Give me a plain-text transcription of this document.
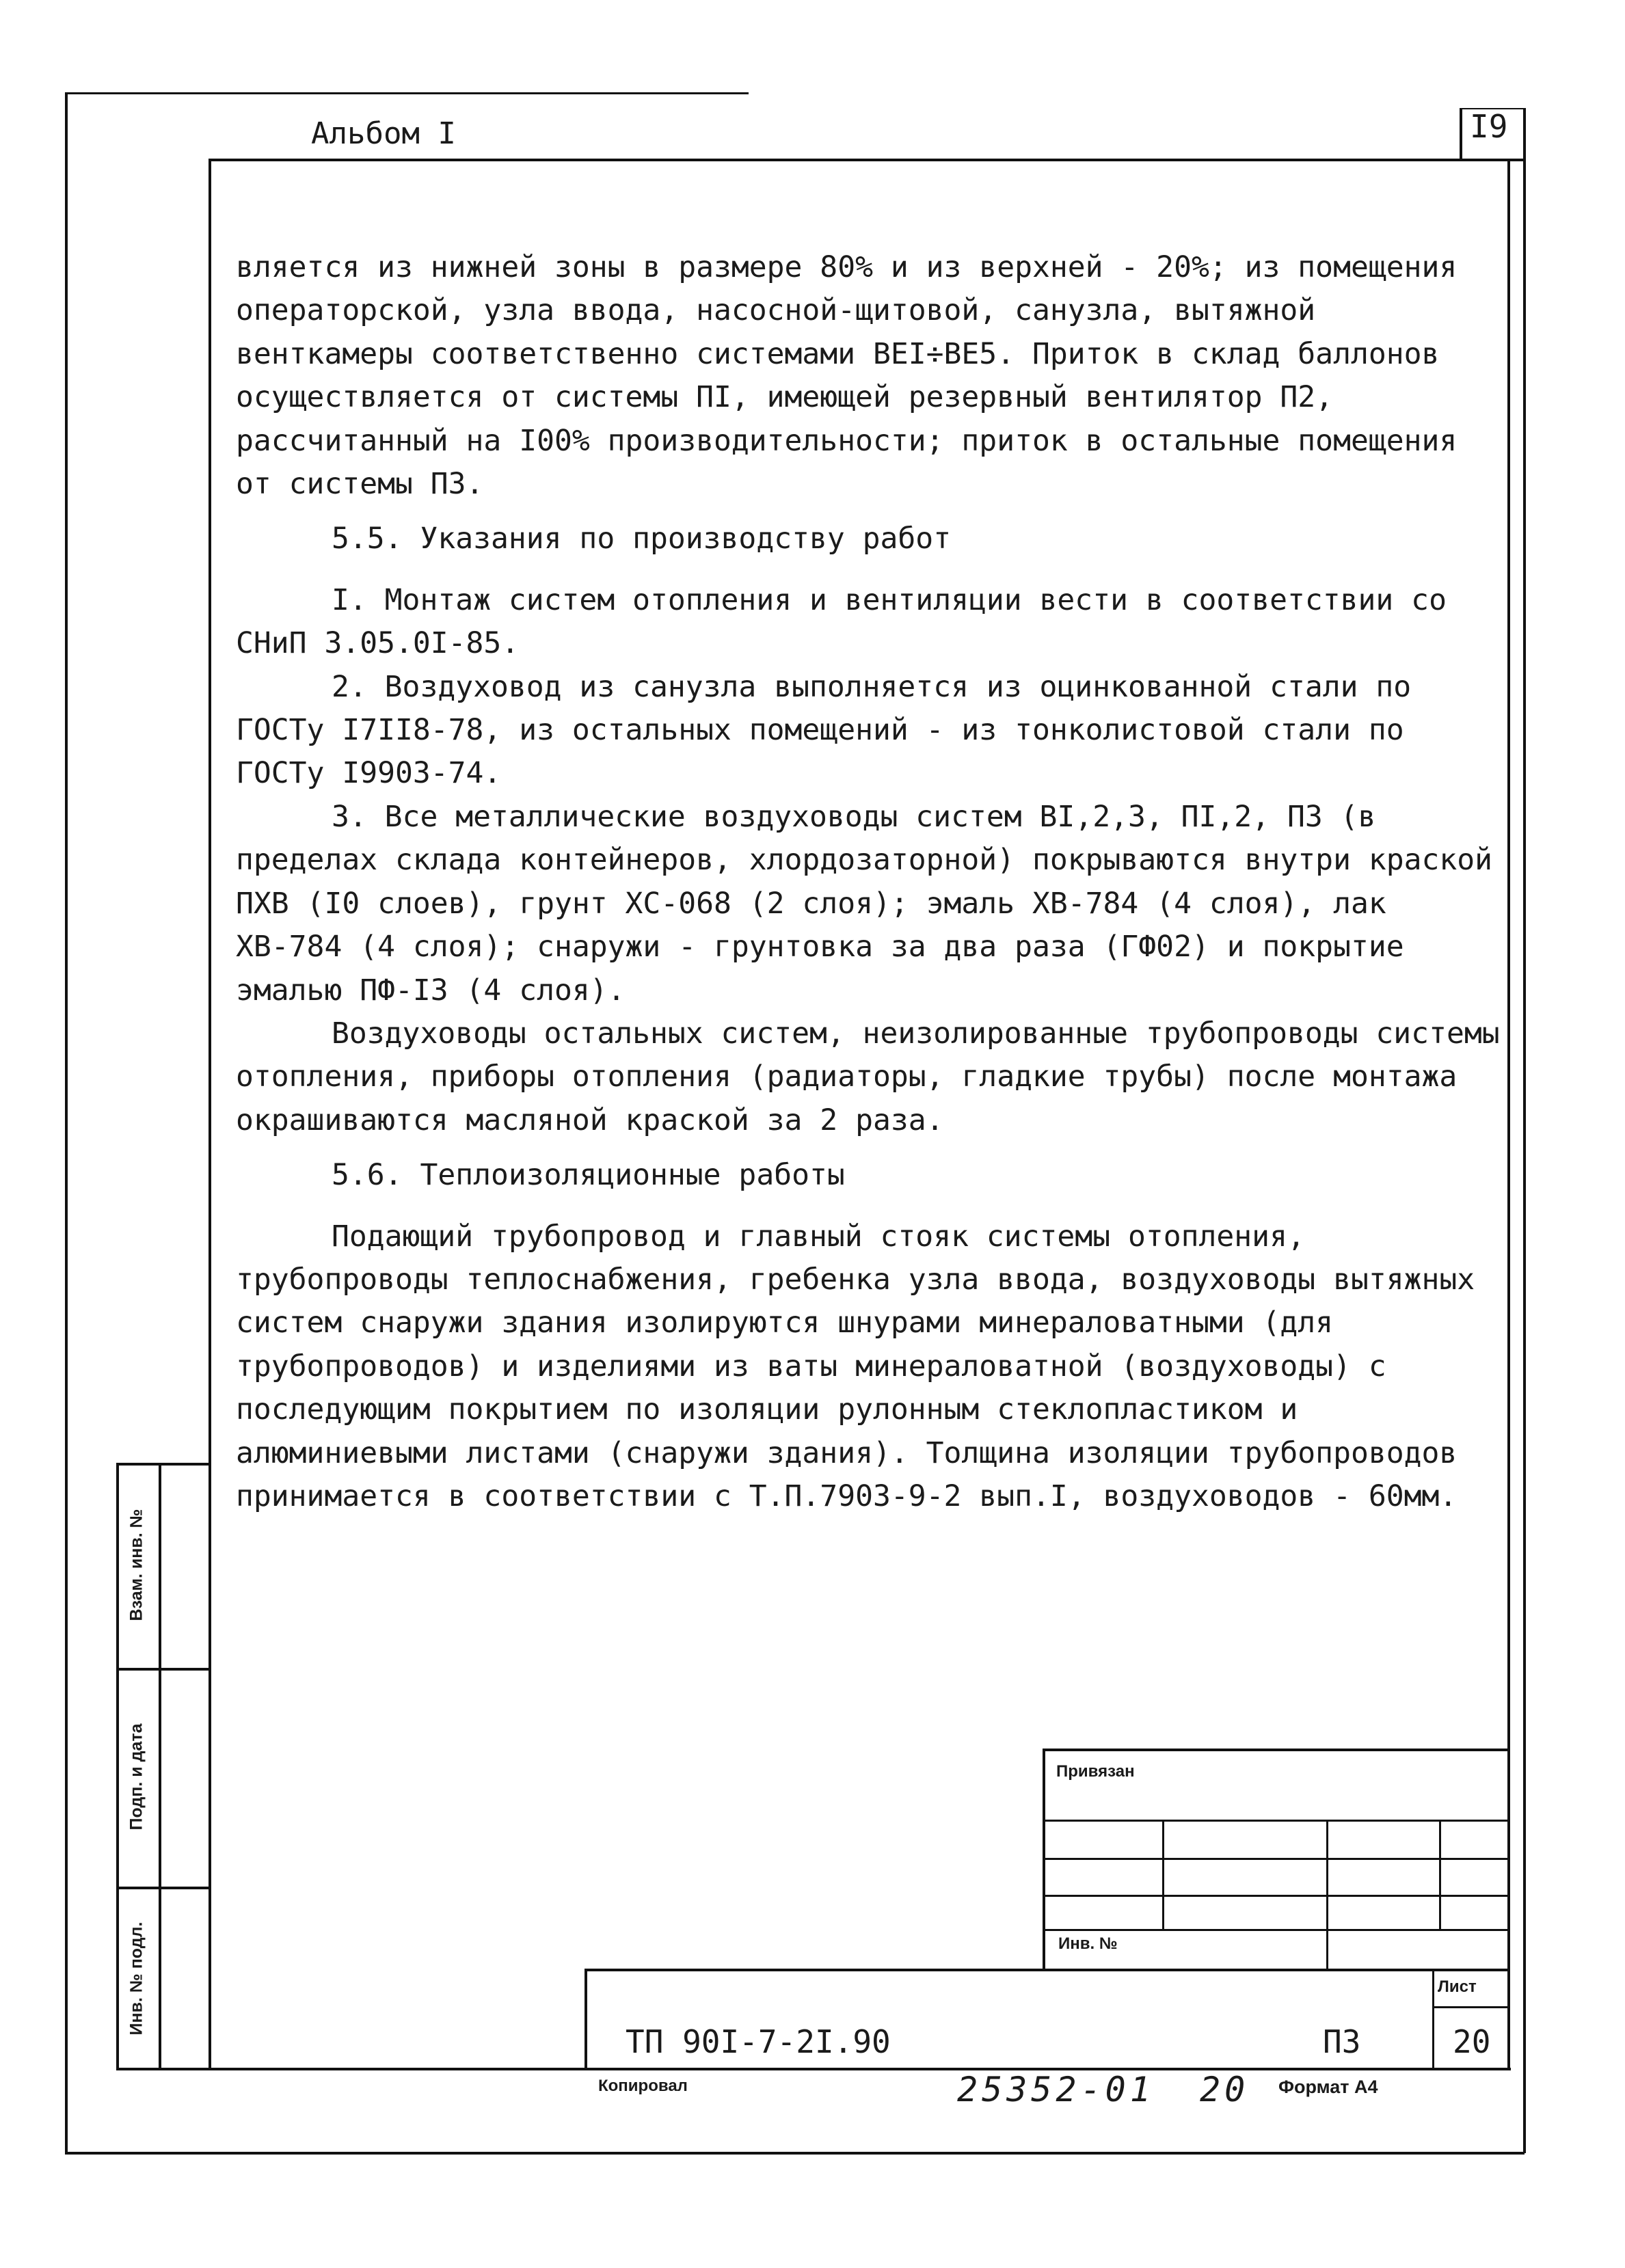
Альбом I	I9

вляется из нижней зоны в размере 80% и из верхней - 20%; из помещения операторской, узла ввода, насосной-щитовой, санузла, вытяжной венткамеры соответственно системами BEI÷BE5. Приток в склад баллонов осуществляется от системы ПI, имеющей резервный вентилятор П2, рассчитанный на I00% производительности; приток в остальные помещения от системы П3.

5.5. Указания по производству работ

I. Монтаж систем отопления и вентиляции вести в соответствии со СНиП 3.05.0I-85.

2. Воздуховод из санузла выполняется из оцинкованной стали по ГОСТу I7II8-78, из остальных помещений - из тонколистовой стали по ГОСТу I9903-74.

3. Все металлические воздуховоды систем BI,2,3, ПI,2, П3 (в пределах склада контейнеров, хлордозаторной) покрываются внутри краской ПХВ (I0 слоев), грунт ХС-068 (2 слоя); эмаль ХВ-784 (4 слоя), лак ХВ-784 (4 слоя); снаружи - грунтовка за два раза (ГФ02) и покрытие эмалью ПФ-I3 (4 слоя).

Воздуховоды остальных систем, неизолированные трубопроводы системы отопления, приборы отопления (радиаторы, гладкие трубы) после монтажа окрашиваются масляной краской за 2 раза.

5.6. Теплоизоляционные работы

Подающий трубопровод и главный стояк системы отопления, трубопроводы теплоснабжения, гребенка узла ввода, воздуховоды вытяжных систем снаружи здания изолируются шнурами минераловатными (для трубопроводов) и изделиями из ваты минераловатной (воздуховоды) с последующим покрытием по изоляции рулонным стеклопластиком и алюминиевыми листами (снаружи здания). Толщина изоляции трубопроводов принимается в соответствии с Т.П.7903-9-2 вып.I, воздуховодов - 60мм.

Взам. инв. №
Подп. и дата
Инв. № подл.
Привязан
Инв. №
Лист
ТП 90I-7-2I.90	П3	20
Копировал	25352-01 20 Формат А4
